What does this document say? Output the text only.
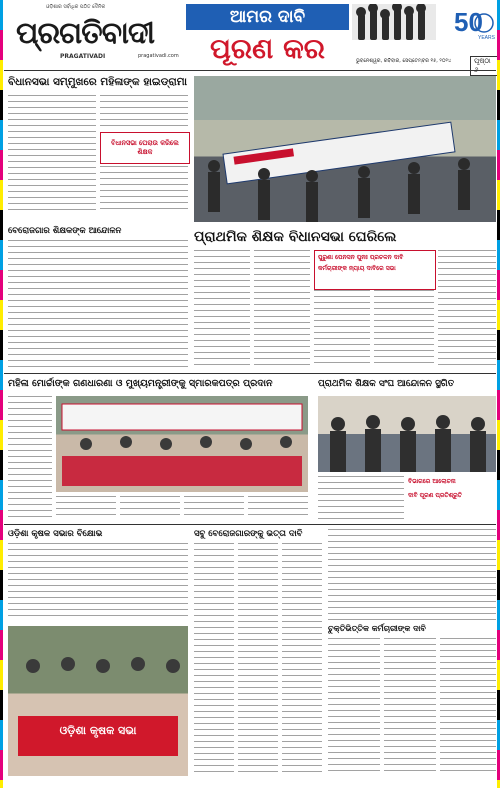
ଓଡ଼ିଶାର ସର୍ବାଧିକ ପଠିତ ଦୈନିକ
ପ୍ରଗତିବାଦୀ
PRAGATIVADI	pragativadi.com
ଆମର ଦାବି
ପୂରଣ କର
50
YEARS
ଭୁବନେଶ୍ୱର, ରବିବାର, ସେପ୍ଟେମ୍ବର ୧୫, ୨୦୨୪	ପୃଷ୍ଠା
ବିଧାନସଭା ସମ୍ମୁଖରେ ମହିଳାଙ୍କ ହାଇଡ୍ରାମା
ବିଧାନସଭା ଘେରାଉ କରିଲେ ଶିକ୍ଷକ
ପ୍ରାଥମିକ ଶିକ୍ଷକ ବିଧାନସଭା ଘେରିଲେ
ବେରୋଜଗାର ଶିକ୍ଷକଙ୍କ ଆନ୍ଦୋଳନ
ପୁରୁଣା ପେନସନ ପୁନଃ ପ୍ରଚଳନ ଦାବି
କର୍ମଚାରୀଙ୍କ ନ୍ୟାୟ ଦାବିରେ ସଭା
ମହିଳା ମୋର୍ଚ୍ଚାଙ୍କ ଗଣଧାରଣା ଓ ମୁଖ୍ୟମନ୍ତ୍ରୀଙ୍କୁ ସ୍ମାରକପତ୍ର ପ୍ରଦାନ	ପ୍ରାଥମିକ ଶିକ୍ଷକ ସଂଘ ଆନ୍ଦୋଳନ ସ୍ଥଗିତ
ବିଭାଗରେ ଆଲୋଚନା
ଦାବି ପୂରଣ ପ୍ରତିଶ୍ରୁତି
ଓଡ଼ିଶା କୃଷକ ସଭାର ବିକ୍ଷୋଭ
ଓଡ଼ିଶା କୃଷକ ସଭା
ସବୁ ବେରୋଜଗାରଙ୍କୁ ଭତ୍ତା ଦାବି
ଚୁକ୍ତିଭିତ୍ତିକ କର୍ମଚାରୀଙ୍କ ଦାବି
